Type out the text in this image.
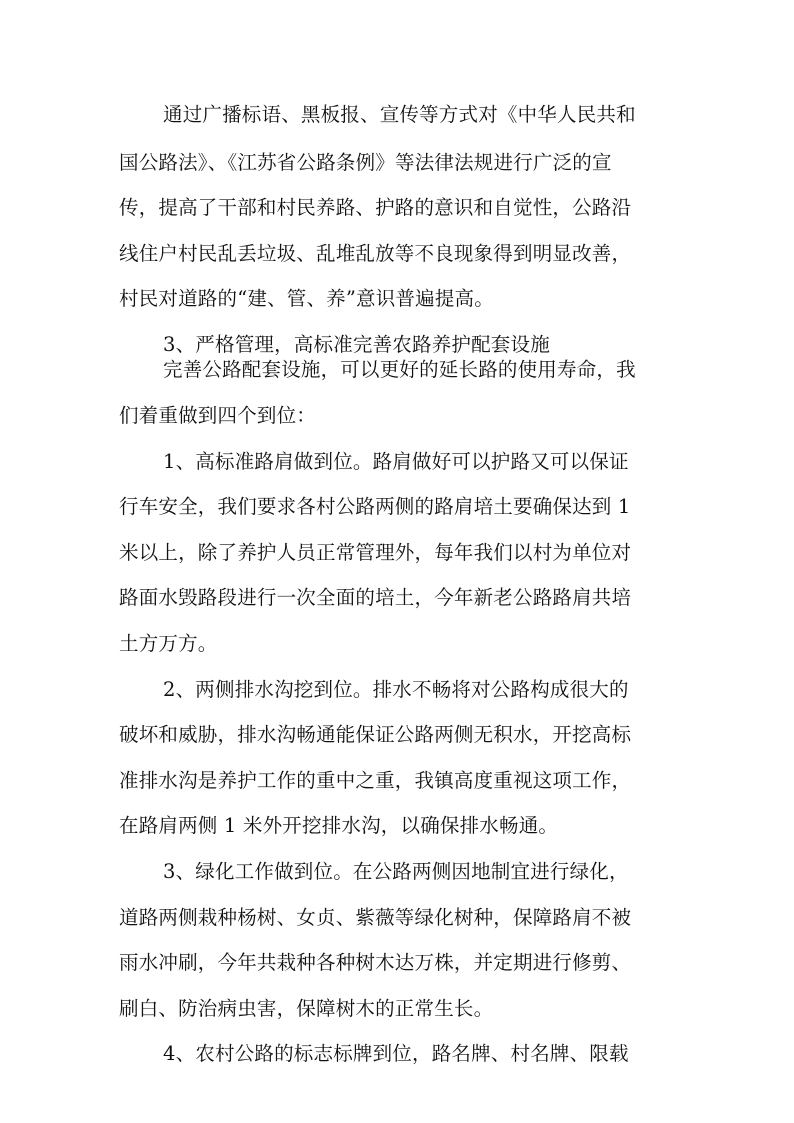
通过广播标语、黑板报、宣传等方式对《中华人民共和
国公路法》、《江苏省公路条例》等法律法规进行广泛的宣
传，提高了干部和村民养路、护路的意识和自觉性，公路沿
线住户村民乱丢垃圾、乱堆乱放等不良现象得到明显改善，
村民对道路的“建、管、养”意识普遍提高。
3、严格管理，高标准完善农路养护配套设施
完善公路配套设施，可以更好的延长路的使用寿命，我
们着重做到四个到位：
1、高标准路肩做到位。路肩做好可以护路又可以保证
行车安全，我们要求各村公路两侧的路肩培土要确保达到 1
米以上，除了养护人员正常管理外，每年我们以村为单位对
路面水毁路段进行一次全面的培土，今年新老公路路肩共培
土方万方。
2、两侧排水沟挖到位。排水不畅将对公路构成很大的
破坏和威胁，排水沟畅通能保证公路两侧无积水，开挖高标
准排水沟是养护工作的重中之重，我镇高度重视这项工作，
在路肩两侧 1 米外开挖排水沟，以确保排水畅通。
3、绿化工作做到位。在公路两侧因地制宜进行绿化，
道路两侧栽种杨树、女贞、紫薇等绿化树种，保障路肩不被
雨水冲刷，今年共栽种各种树木达万株，并定期进行修剪、
刷白、防治病虫害，保障树木的正常生长。
4、农村公路的标志标牌到位，路名牌、村名牌、限载
